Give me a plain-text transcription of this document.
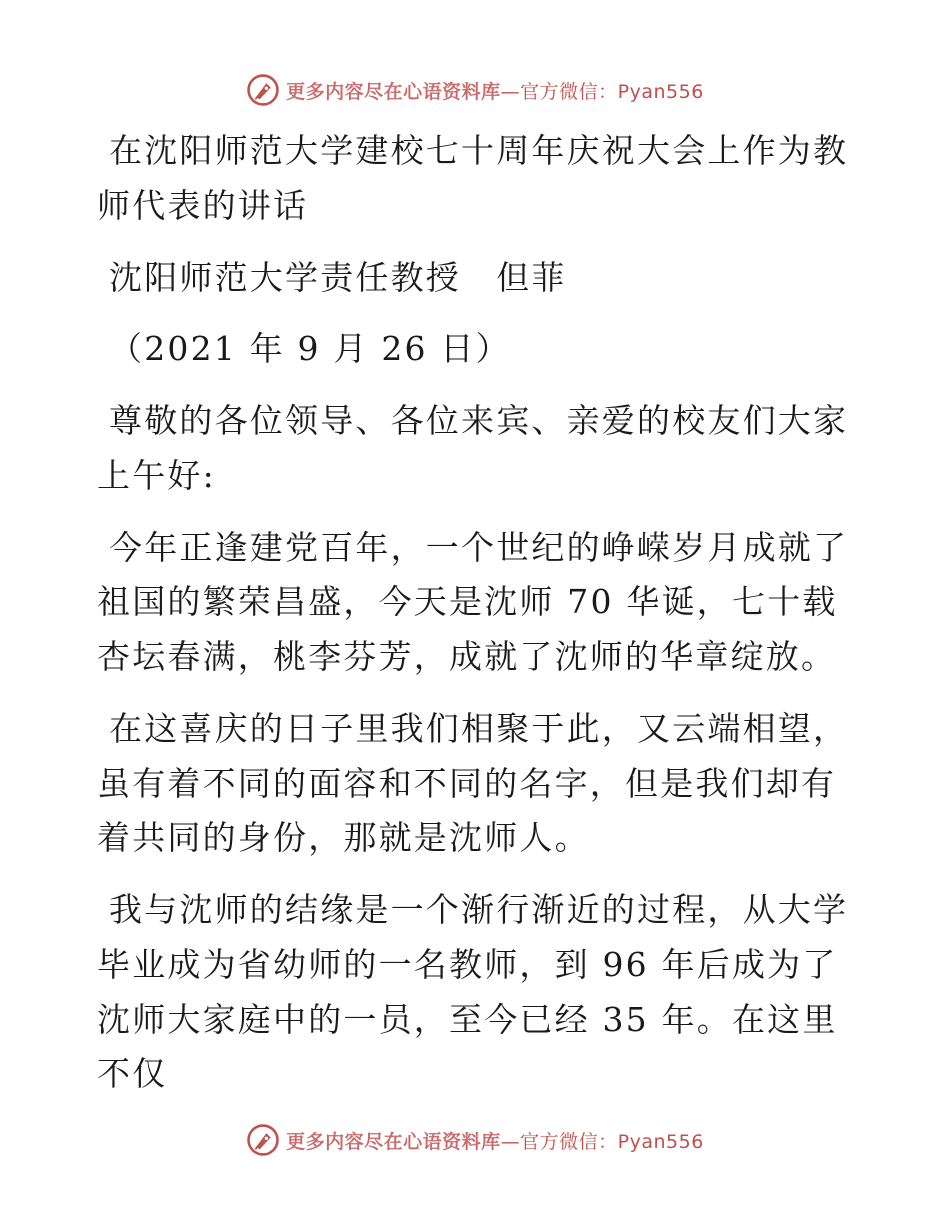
更多内容尽在心语资料库—官方微信：Pyan556

在沈阳师范大学建校七十周年庆祝大会上作为教师代表的讲话

沈阳师范大学责任教授　但菲

（2021 年 9 月 26 日）

尊敬的各位领导、各位来宾、亲爱的校友们大家上午好:

今年正逢建党百年，一个世纪的峥嵘岁月成就了祖国的繁荣昌盛，今天是沈师 70 华诞，七十载杏坛春满，桃李芬芳，成就了沈师的华章绽放。

在这喜庆的日子里我们相聚于此，又云端相望，虽有着不同的面容和不同的名字，但是我们却有着共同的身份，那就是沈师人。

我与沈师的结缘是一个渐行渐近的过程，从大学毕业成为省幼师的一名教师，到 96 年后成为了沈师大家庭中的一员，至今已经 35 年。在这里不仅

更多内容尽在心语资料库—官方微信：Pyan556
